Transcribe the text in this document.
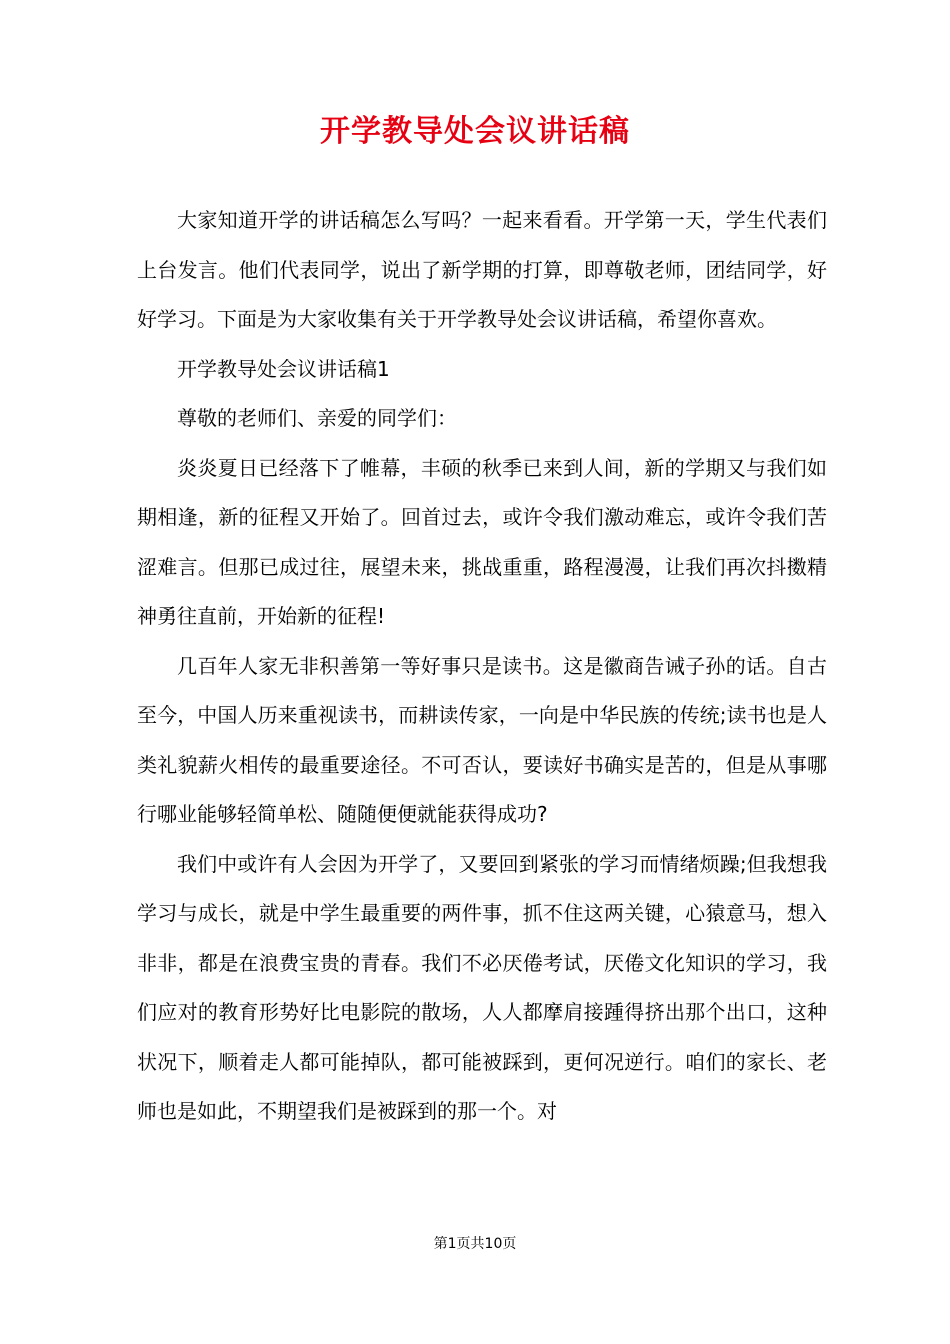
开学教导处会议讲话稿

大家知道开学的讲话稿怎么写吗？一起来看看。开学第一天，学生代表们上台发言。他们代表同学，说出了新学期的打算，即尊敬老师，团结同学，好好学习。下面是为大家收集有关于开学教导处会议讲话稿，希望你喜欢。

开学教导处会议讲话稿1

尊敬的老师们、亲爱的同学们：

炎炎夏日已经落下了帷幕，丰硕的秋季已来到人间，新的学期又与我们如期相逢，新的征程又开始了。回首过去，或许令我们激动难忘，或许令我们苦涩难言。但那已成过往，展望未来，挑战重重，路程漫漫，让我们再次抖擞精神勇往直前，开始新的征程!

几百年人家无非积善第一等好事只是读书。这是徽商告诫子孙的话。自古至今，中国人历来重视读书，而耕读传家，一向是中华民族的传统;读书也是人类礼貌薪火相传的最重要途径。不可否认，要读好书确实是苦的，但是从事哪行哪业能够轻简单松、随随便便就能获得成功?

我们中或许有人会因为开学了，又要回到紧张的学习而情绪烦躁;但我想我学习与成长，就是中学生最重要的两件事，抓不住这两关键，心猿意马，想入非非，都是在浪费宝贵的青春。我们不必厌倦考试，厌倦文化知识的学习，我们应对的教育形势好比电影院的散场，人人都摩肩接踵得挤出那个出口，这种状况下，顺着走人都可能掉队，都可能被踩到，更何况逆行。咱们的家长、老师也是如此，不期望我们是被踩到的那一个。对

第1页共10页
